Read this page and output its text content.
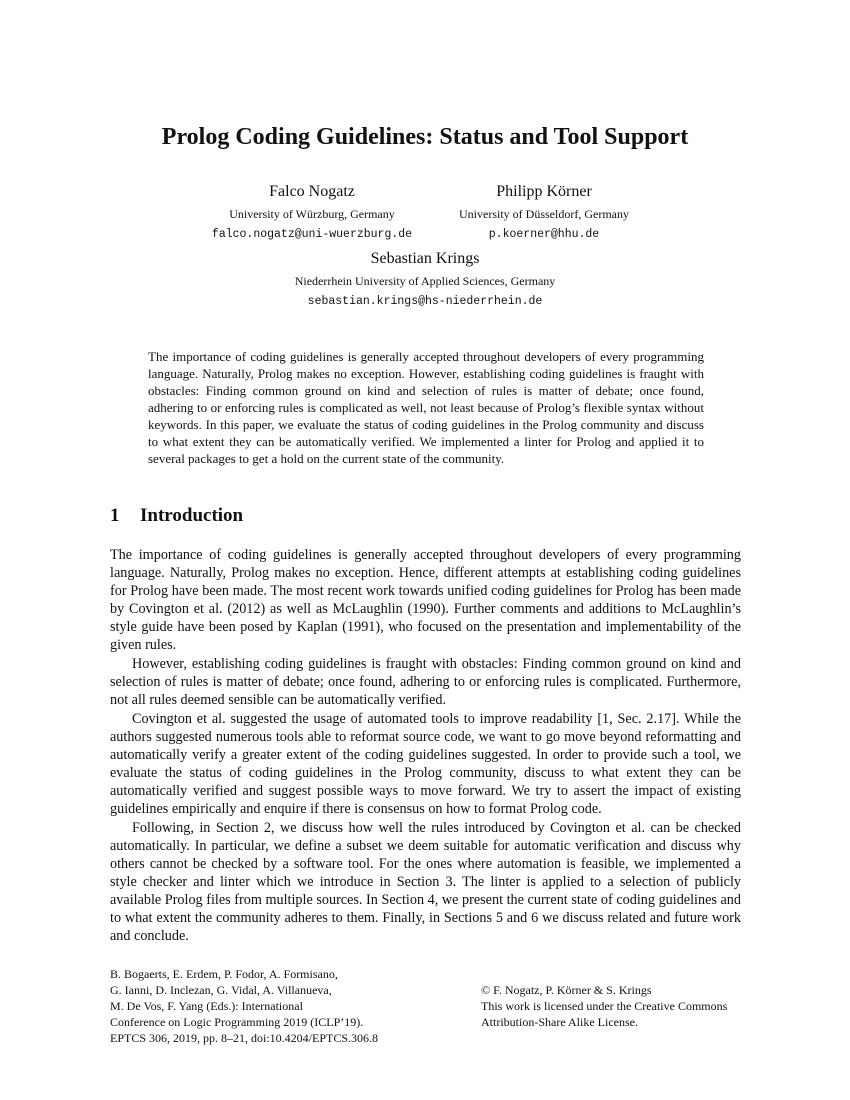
Prolog Coding Guidelines: Status and Tool Support
Falco Nogatz
University of Würzburg, Germany
falco.nogatz@uni-wuerzburg.de
Philipp Körner
University of Düsseldorf, Germany
p.koerner@hhu.de
Sebastian Krings
Niederrhein University of Applied Sciences, Germany
sebastian.krings@hs-niederrhein.de

The importance of coding guidelines is generally accepted throughout developers of every programming language. Naturally, Prolog makes no exception. However, establishing coding guidelines is fraught with obstacles: Finding common ground on kind and selection of rules is matter of debate; once found, adhering to or enforcing rules is complicated as well, not least because of Prolog’s flexible syntax without keywords. In this paper, we evaluate the status of coding guidelines in the Prolog community and discuss to what extent they can be automatically verified. We implemented a linter for Prolog and applied it to several packages to get a hold on the current state of the community.

1 Introduction

The importance of coding guidelines is generally accepted throughout developers of every programming language. Naturally, Prolog makes no exception. Hence, different attempts at establishing coding guidelines for Prolog have been made. The most recent work towards unified coding guidelines for Prolog has been made by Covington et al. (2012) as well as McLaughlin (1990). Further comments and additions to McLaughlin’s style guide have been posed by Kaplan (1991), who focused on the presentation and implementability of the given rules.

However, establishing coding guidelines is fraught with obstacles: Finding common ground on kind and selection of rules is matter of debate; once found, adhering to or enforcing rules is complicated. Furthermore, not all rules deemed sensible can be automatically verified.

Covington et al. suggested the usage of automated tools to improve readability [1, Sec. 2.17]. While the authors suggested numerous tools able to reformat source code, we want to go move beyond reformatting and automatically verify a greater extent of the coding guidelines suggested. In order to provide such a tool, we evaluate the status of coding guidelines in the Prolog community, discuss to what extent they can be automatically verified and suggest possible ways to move forward. We try to assert the impact of existing guidelines empirically and enquire if there is consensus on how to format Prolog code.

Following, in Section 2, we discuss how well the rules introduced by Covington et al. can be checked automatically. In particular, we define a subset we deem suitable for automatic verification and discuss why others cannot be checked by a software tool. For the ones where automation is feasible, we implemented a style checker and linter which we introduce in Section 3. The linter is applied to a selection of publicly available Prolog files from multiple sources. In Section 4, we present the current state of coding guidelines and to what extent the community adheres to them. Finally, in Sections 5 and 6 we discuss related and future work and conclude.

B. Bogaerts, E. Erdem, P. Fodor, A. Formisano,
G. Ianni, D. Inclezan, G. Vidal, A. Villanueva,
M. De Vos, F. Yang (Eds.): International
Conference on Logic Programming 2019 (ICLP’19).
EPTCS 306, 2019, pp. 8–21, doi:10.4204/EPTCS.306.8
© F. Nogatz, P. Körner & S. Krings
This work is licensed under the Creative Commons
Attribution-Share Alike License.
